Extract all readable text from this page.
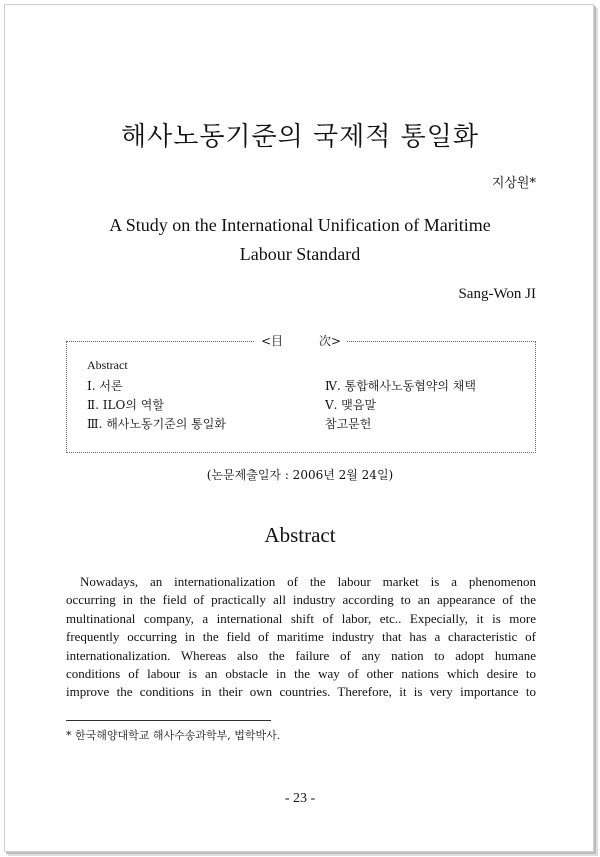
해사노동기준의 국제적 통일화
지상원*
A Study on the International Unification of Maritime
Labour Standard
Sang-Won JI
<目　　　次>
Abstract
Ⅰ. 서론
Ⅱ. ILO의 역할
Ⅲ. 해사노동기준의 통일화
Ⅳ. 통합해사노동협약의 채택
Ⅴ. 맺음말
참고문헌
(논문제출일자 : 2006년 2월 24일)
Abstract
Nowadays, an internationalization of the labour market is a phenomenon
occurring in the field of practically all industry according to an appearance of the
multinational company, a international shift of labor, etc.. Expecially, it is more
frequently occurring in the field of maritime industry that has a characteristic of
internationalization. Whereas also the failure of any nation to adopt humane
conditions of labour is an obstacle in the way of other nations which desire to
improve the conditions in their own countries. Therefore, it is very importance to
* 한국해양대학교 해사수송과학부, 법학박사.
- 23 -
